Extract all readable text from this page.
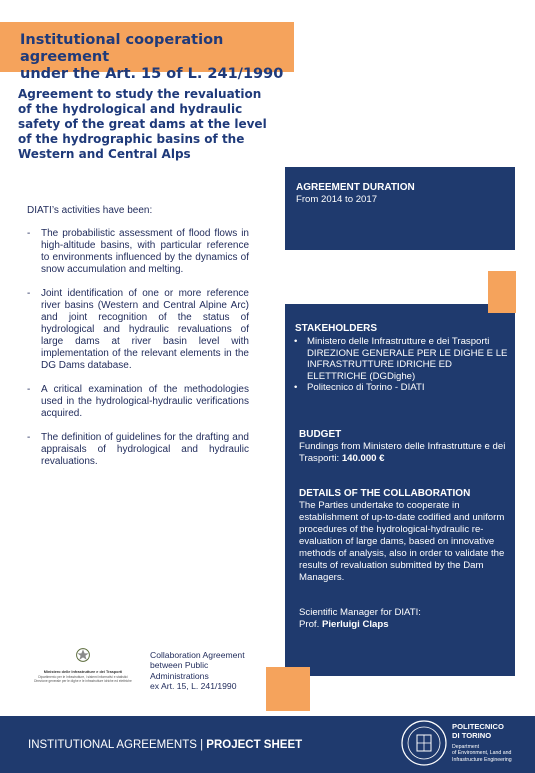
Institutional cooperation agreement
under the Art. 15 of L. 241/1990
Agreement to study the revaluation of the hydrological and hydraulic safety of the great dams at the level of the hydrographic basins of the Western and Central Alps
AGREEMENT DURATION
From 2014 to 2017
STAKEHOLDERS
• Ministero delle Infrastrutture e dei Trasporti DIREZIONE GENERALE PER LE DIGHE E LE INFRASTRUTTURE IDRICHE ED ELETTRICHE (DGDighe)
• Politecnico di Torino - DIATI
BUDGET
Fundings from Ministero delle Infrastrutture e dei Trasporti: 140.000 €
DETAILS OF THE COLLABORATION
The Parties undertake to cooperate in establishment of up-to-date codified and uniform procedures of the hydrological-hydraulic re-evaluation of large dams, based on innovative methods of analysis, also in order to validate the results of revaluation submitted by the Dam Managers.
Scientific Manager for DIATI:
Prof. Pierluigi Claps
DIATI’s activities have been:
- The probabilistic assessment of flood flows in high-altitude basins, with particular reference to environments influenced by the dynamics of snow accumulation and melting.
- Joint identification of one or more reference river basins (Western and Central Alpine Arc) and joint recognition of the status of hydrological and hydraulic revaluations of large dams at river basin level with implementation of the relevant elements in the DG Dams database.
- A critical examination of the methodologies used in the hydrological-hydraulic verifications acquired.
- The definition of guidelines for the drafting and appraisals of hydrological and hydraulic revaluations.
Ministero delle Infrastrutture e dei Trasporti
Dipartimento per le Infrastrutture, i sistemi informativi e statistici
Direzione generale per le dighe e le infrastrutture idriche ed elettriche
Collaboration Agreement
between Public
Administrations
ex Art. 15, L. 241/1990
INSTITUTIONAL AGREEMENTS | PROJECT SHEET
POLITECNICO
DI TORINO
Department
of Environment, Land and
Infrastructure Engineering
